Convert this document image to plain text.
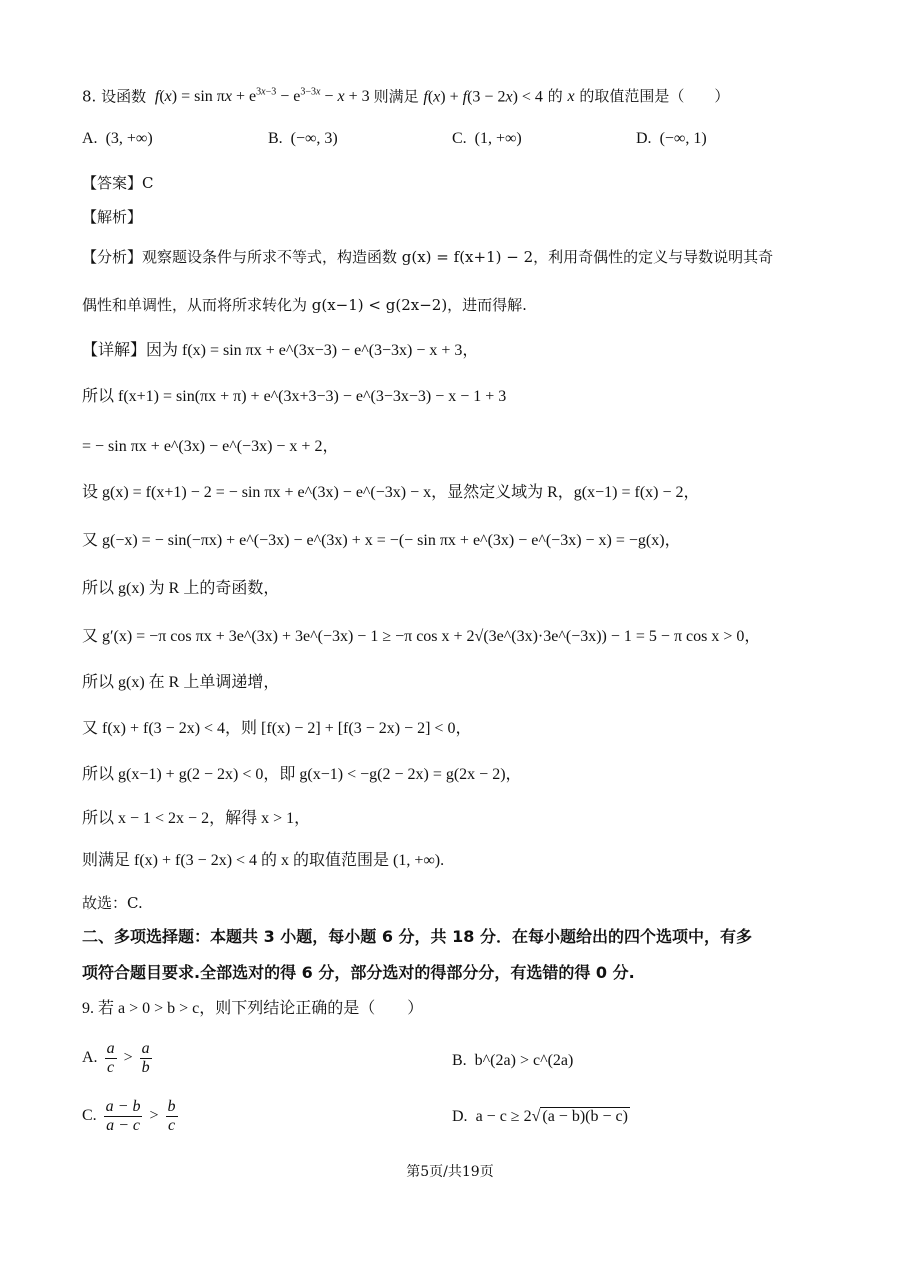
8. 设函数 $f(x) = \sin \pi x + e^{3x-3} - e^{3-3x} - x + 3$ 则满足 f(x) + f(3 − 2x) < 4 的 x 的取值范围是（　　）
A. (3, +∞)	B. (−∞, 3)	C. (1, +∞)	D. (−∞, 1)
【答案】C
【解析】
【分析】观察题设条件与所求不等式，构造函数 g(x) = f(x+1) − 2，利用奇偶性的定义与导数说明其奇
偶性和单调性，从而将所求转化为 g(x−1) < g(2x−2)，进而得解.
【详解】因为 f(x) = sin πx + e^(3x−3) − e^(3−3x) − x + 3，
所以 f(x+1) = sin(πx + π) + e^(3x+3−3) − e^(3−3x−3) − x − 1 + 3
= − sin πx + e^(3x) − e^(−3x) − x + 2，
设 g(x) = f(x+1) − 2 = − sin πx + e^(3x) − e^(−3x) − x，显然定义域为 R，g(x−1) = f(x) − 2，
又 g(−x) = − sin(−πx) + e^(−3x) − e^(3x) + x = −(− sin πx + e^(3x) − e^(−3x) − x) = −g(x)，
所以 g(x) 为 R 上的奇函数，
又 g′(x) = −π cos πx + 3e^(3x) + 3e^(−3x) − 1 ≥ −π cos x + 2√(3e^(3x)·3e^(−3x)) − 1 = 5 − π cos x > 0，
所以 g(x) 在 R 上单调递增，
又 f(x) + f(3 − 2x) < 4，则 [f(x) − 2] + [f(3 − 2x) − 2] < 0，
所以 g(x−1) + g(2 − 2x) < 0，即 g(x−1) < −g(2 − 2x) = g(2x − 2)，
所以 x − 1 < 2x − 2，解得 x > 1，
则满足 f(x) + f(3 − 2x) < 4 的 x 的取值范围是 (1, +∞).
故选：C.
二、多项选择题：本题共 3 小题，每小题 6 分，共 18 分．在每小题给出的四个选项中，有多
项符合题目要求.全部选对的得 6 分，部分选对的得部分分，有选错的得 0 分.
9. 若 a > 0 > b > c，则下列结论正确的是（　　）
A. $\frac{a}{c} > \frac{a}{b}$	B. b^(2a) > c^(2a)
C. $\frac{a - b}{a - c} > \frac{b}{c}$	D. a − c ≥ 2√ (a − b)(b − c)
第5页/共19页
